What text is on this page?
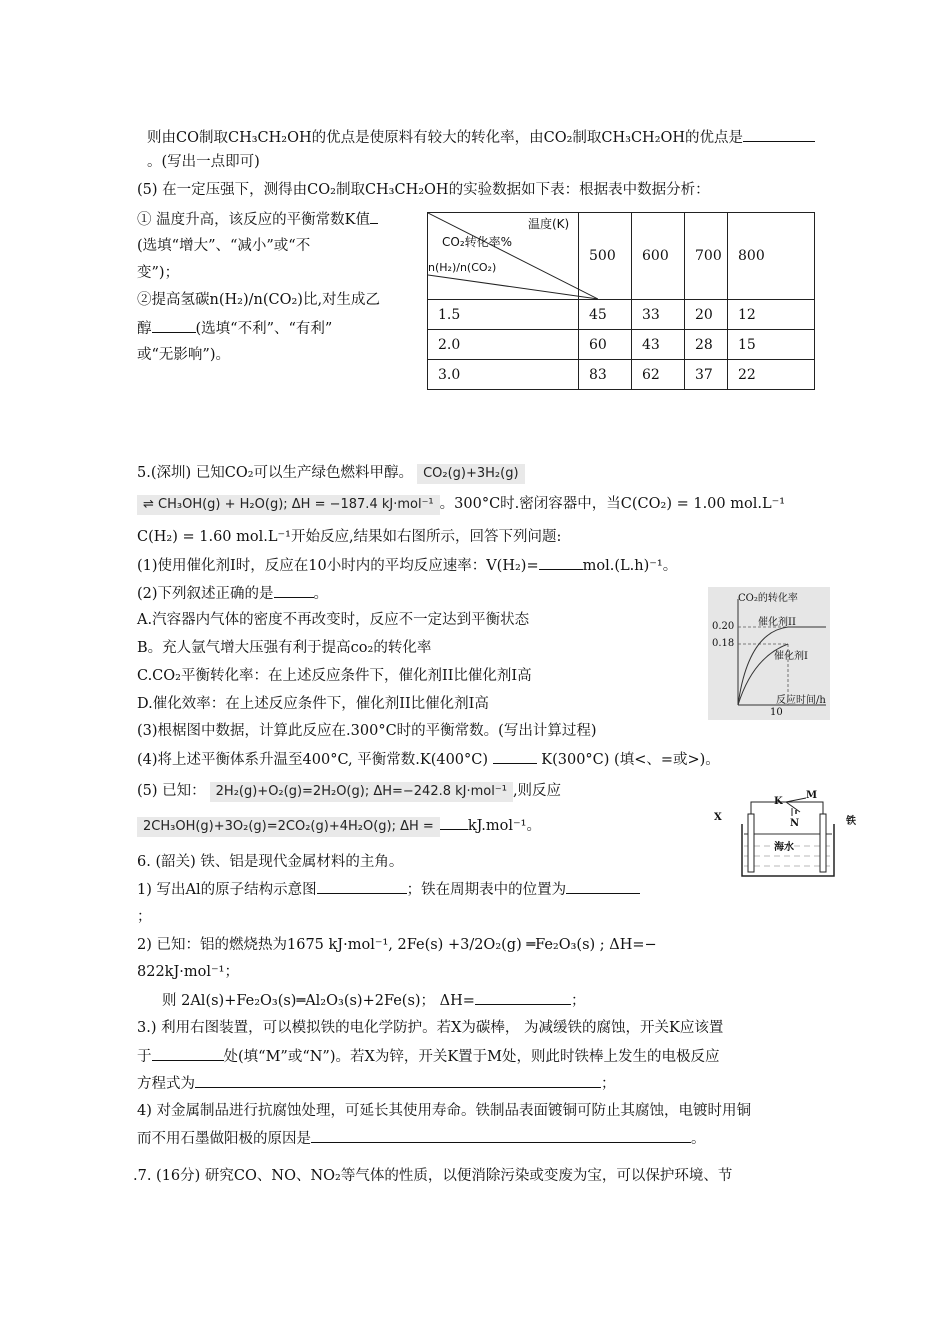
则由CO制取CH₃CH₂OH的优点是使原料有较大的转化率，由CO₂制取CH₃CH₂OH的优点是
。(写出一点即可)
(5) 在一定压强下，测得由CO₂制取CH₃CH₂OH的实验数据如下表：根据表中数据分析：
① 温度升高，该反应的平衡常数K值
(选填“增大”、“减小”或“不
变”)；
②提高氢碳n(H₂)/n(CO₂)比,对生成乙
醇	(选填“不利”、“有利”
或“无影响”)。
温度(K)
CO₂转化率%
n(H₂)/n(CO₂)	500	600	700	800
1.5	45	33	20	12
2.0	60	43	28	15
3.0	83	62	37	22
5.(深圳) 已知CO₂可以生产绿色燃料甲醇。 CO₂(g)+3H₂(g)
⇌ CH₃OH(g) + H₂O(g); ΔH = −187.4 kJ·mol⁻¹ 。300°C时.密闭容器中，当C(CO₂) = 1.00 mol.L⁻¹
C(H₂) = 1.60 mol.L⁻¹开始反应,结果如右图所示，回答下列问题:
(1)使用催化剂I时，反应在10小时内的平均反应速率：V(H₂)=	mol.(L.h)⁻¹。
(2)下列叙述正确的是	。
A.汽容器内气体的密度不再改变时，反应不一定达到平衡状态
B。充人氩气增大压强有利于提高co₂的转化率
C.CO₂平衡转化率：在上述反应条件下，催化剂II比催化剂I高
D.催化效率：在上述反应条件下，催化剂II比催化剂I高
(3)根椐图中数据，计算此反应在.300°C时的平衡常数。(写出计算过程)
(4)将上述平衡体系升温至400°C, 平衡常数.K(400°C)	K(300°C) (填<、=或>)。
(5) 已知： 2H₂(g)+O₂(g)=2H₂O(g); ΔH=−242.8 kJ·mol⁻¹ ,则反应
2CH₃OH(g)+3O₂(g)=2CO₂(g)+4H₂O(g); ΔH = kJ.mol⁻¹。
CO₂的转化率
催化剂II
催化剂I
0.20
0.18
反应时间/h
10
M
K
N
X	铁
海水
6. (韶关) 铁、铝是现代金属材料的主角。
1) 写出Al的原子结构示意图	；铁在周期表中的位置为
；
2) 已知：铝的燃烧热为1675 kJ·mol⁻¹, 2Fe(s) +3/2O₂(g) ═Fe₂O₃(s) ; ΔH=−
822kJ·mol⁻¹；
则 2Al(s)+Fe₂O₃(s)═Al₂O₃(s)+2Fe(s)； ΔH=	；
3.) 利用右图装置，可以模拟铁的电化学防护。若X为碳棒， 为减缓铁的腐蚀，开关K应该置
于	处(填“M”或“N”)。若X为锌，开关K置于M处，则此时铁棒上发生的电极反应
方程式为	；
4) 对金属制品进行抗腐蚀处理，可延长其使用寿命。铁制品表面镀铜可防止其腐蚀，电镀时用铜
而不用石墨做阳极的原因是	。
.7. (16分) 研究CO、NO、NO₂等气体的性质，以便消除污染或变废为宝，可以保护环境、节
